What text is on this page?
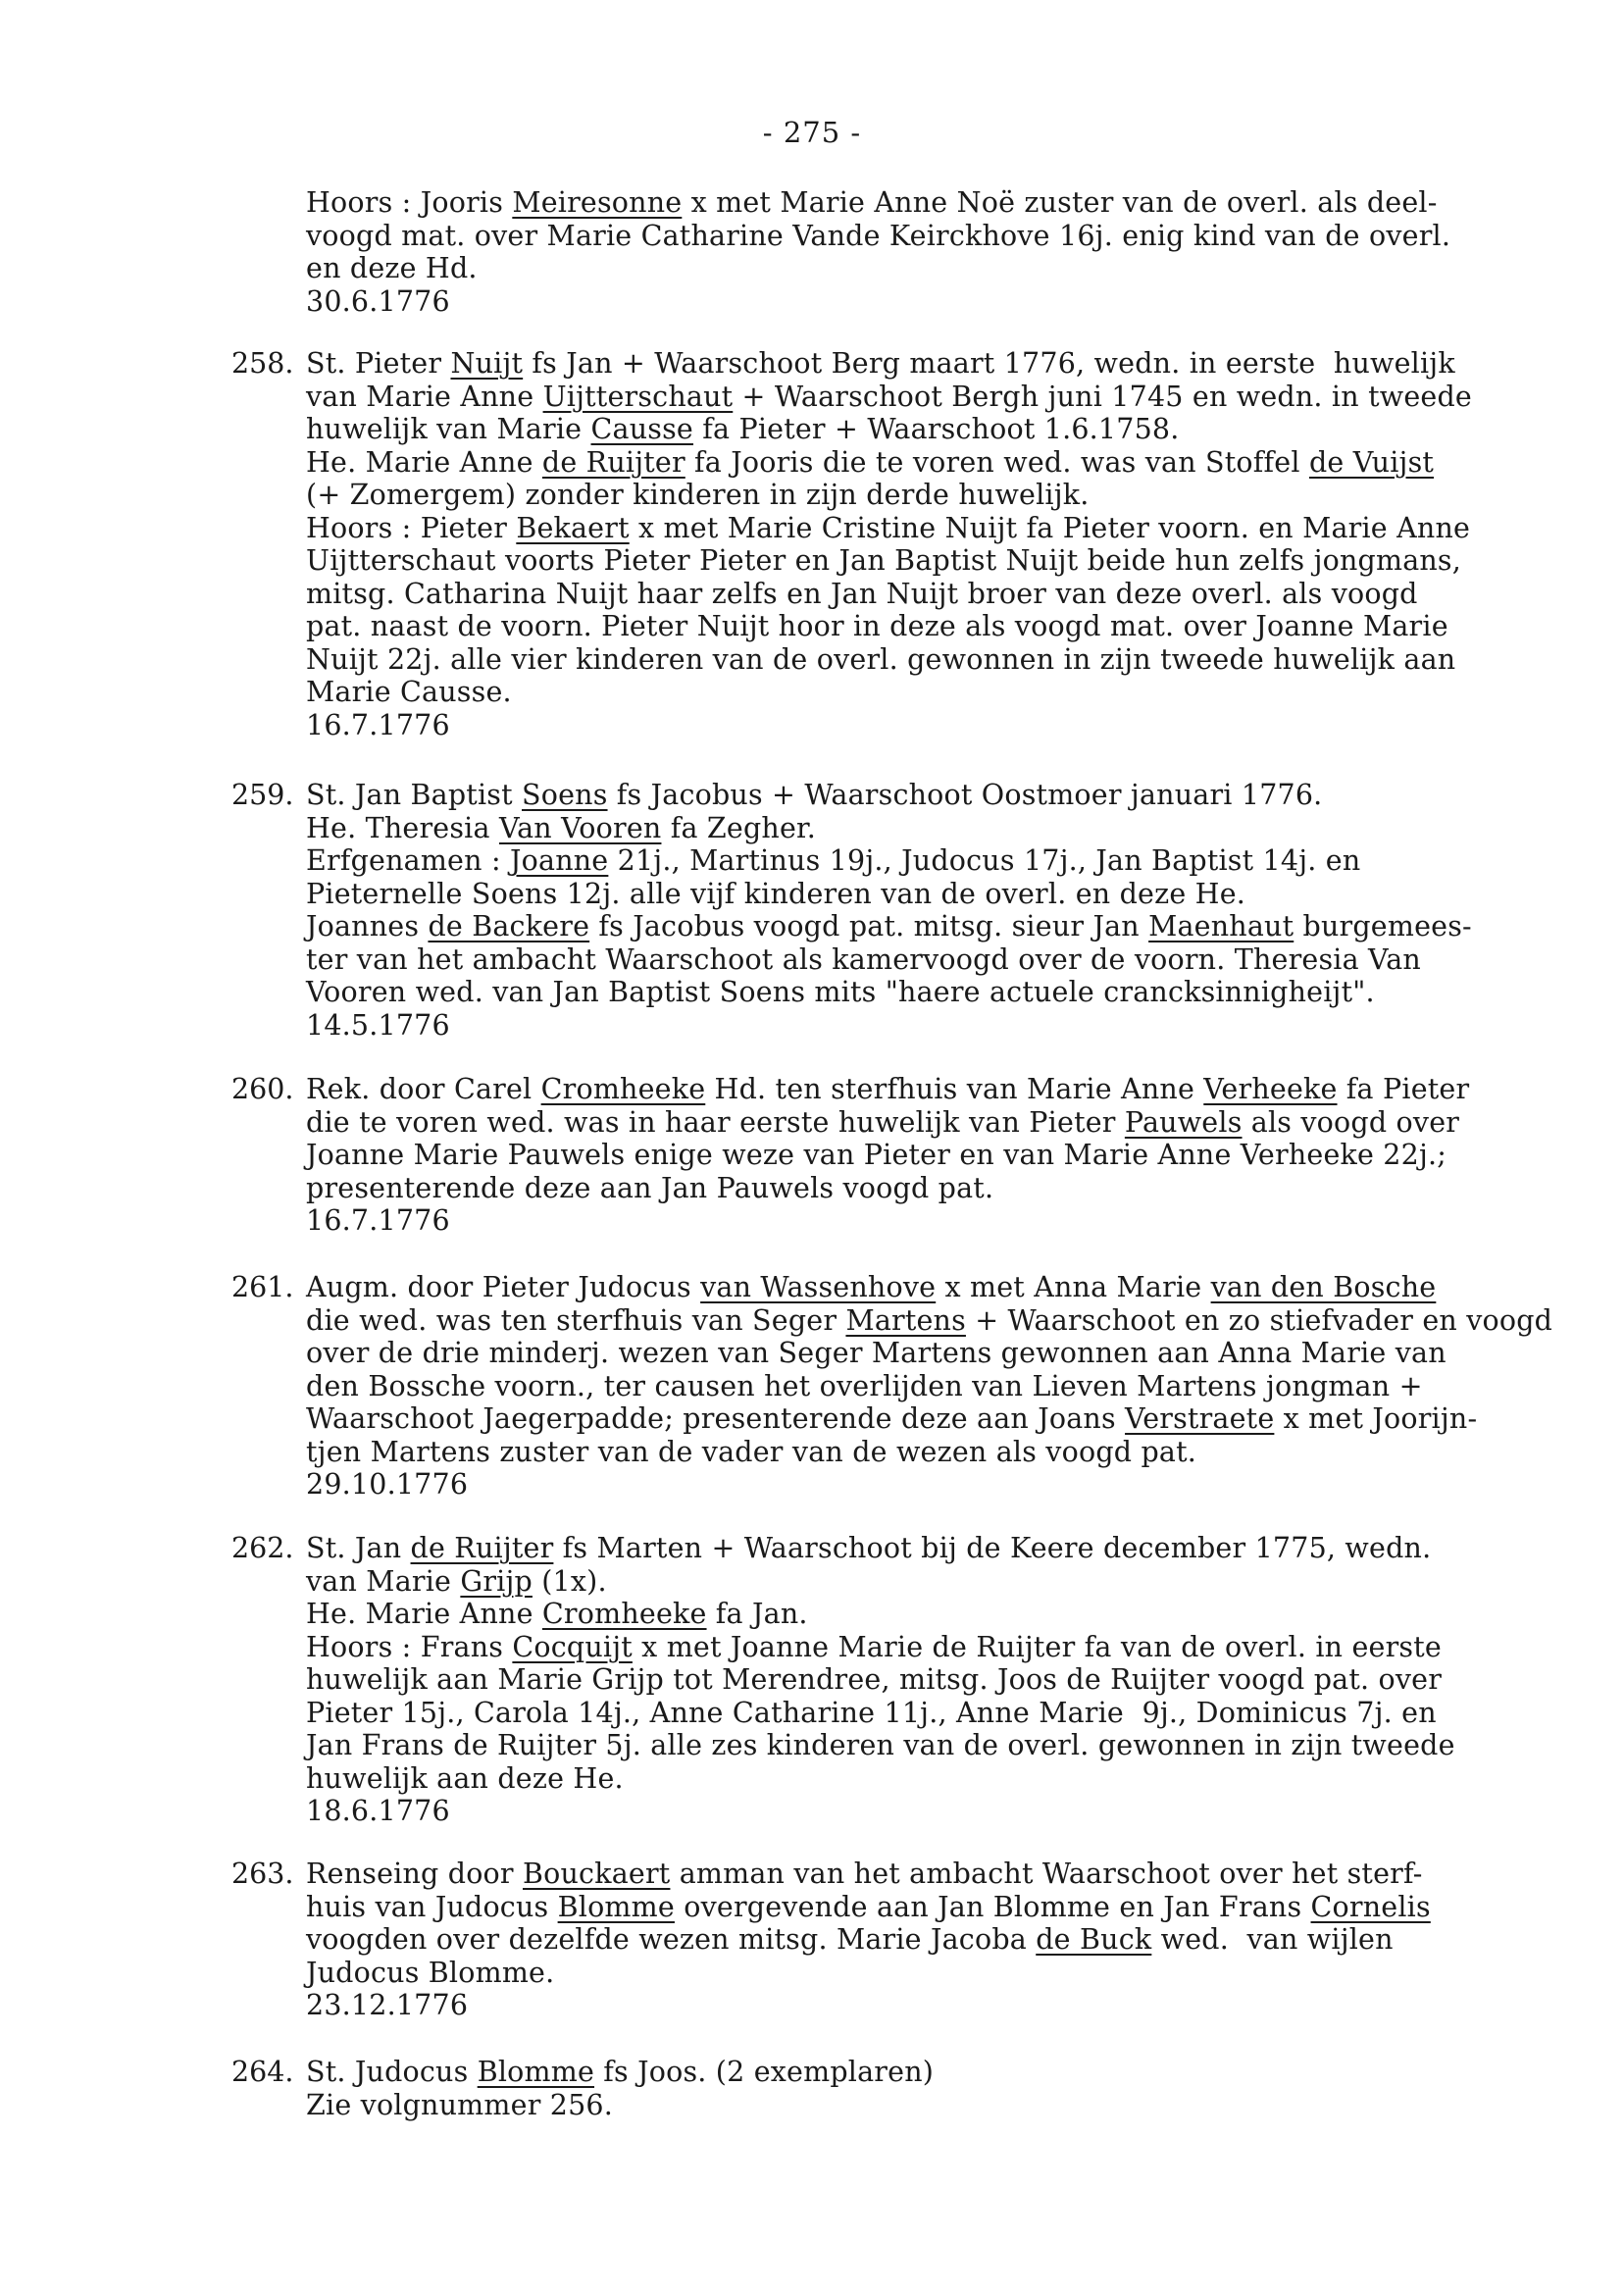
- 275 -
Hoors : Jooris Meiresonne x met Marie Anne Noë zuster van de overl. als deel-
voogd mat. over Marie Catharine Vande Keirckhove 16j. enig kind van de overl.
en deze Hd.
30.6.1776
258. St. Pieter Nuijt fs Jan + Waarschoot Berg maart 1776, wedn. in eerste  huwelijk
van Marie Anne Uijtterschaut + Waarschoot Bergh juni 1745 en wedn. in tweede
huwelijk van Marie Causse fa Pieter + Waarschoot 1.6.1758.
He. Marie Anne de Ruijter fa Jooris die te voren wed. was van Stoffel de Vuijst
(+ Zomergem) zonder kinderen in zijn derde huwelijk.
Hoors : Pieter Bekaert x met Marie Cristine Nuijt fa Pieter voorn. en Marie Anne
Uijtterschaut voorts Pieter Pieter en Jan Baptist Nuijt beide hun zelfs jongmans,
mitsg. Catharina Nuijt haar zelfs en Jan Nuijt broer van deze overl. als voogd
pat. naast de voorn. Pieter Nuijt hoor in deze als voogd mat. over Joanne Marie
Nuijt 22j. alle vier kinderen van de overl. gewonnen in zijn tweede huwelijk aan
Marie Causse.
16.7.1776
259. St. Jan Baptist Soens fs Jacobus + Waarschoot Oostmoer januari 1776.
He. Theresia Van Vooren fa Zegher.
Erfgenamen : Joanne 21j., Martinus 19j., Judocus 17j., Jan Baptist 14j. en
Pieternelle Soens 12j. alle vijf kinderen van de overl. en deze He.
Joannes de Backere fs Jacobus voogd pat. mitsg. sieur Jan Maenhaut burgemees-
ter van het ambacht Waarschoot als kamervoogd over de voorn. Theresia Van
Vooren wed. van Jan Baptist Soens mits "haere actuele crancksinnigheijt".
14.5.1776
260. Rek. door Carel Cromheeke Hd. ten sterfhuis van Marie Anne Verheeke fa Pieter
die te voren wed. was in haar eerste huwelijk van Pieter Pauwels als voogd over
Joanne Marie Pauwels enige weze van Pieter en van Marie Anne Verheeke 22j.;
presenterende deze aan Jan Pauwels voogd pat.
16.7.1776
261. Augm. door Pieter Judocus van Wassenhove x met Anna Marie van den Bosche
die wed. was ten sterfhuis van Seger Martens + Waarschoot en zo stiefvader en voogd
over de drie minderj. wezen van Seger Martens gewonnen aan Anna Marie van
den Bossche voorn., ter causen het overlijden van Lieven Martens jongman +
Waarschoot Jaegerpadde; presenterende deze aan Joans Verstraete x met Joorijn-
tjen Martens zuster van de vader van de wezen als voogd pat.
29.10.1776
262. St. Jan de Ruijter fs Marten + Waarschoot bij de Keere december 1775, wedn.
van Marie Grijp (1x).
He. Marie Anne Cromheeke fa Jan.
Hoors : Frans Cocquijt x met Joanne Marie de Ruijter fa van de overl. in eerste
huwelijk aan Marie Grijp tot Merendree, mitsg. Joos de Ruijter voogd pat. over
Pieter 15j., Carola 14j., Anne Catharine 11j., Anne Marie  9j., Dominicus 7j. en
Jan Frans de Ruijter 5j. alle zes kinderen van de overl. gewonnen in zijn tweede
huwelijk aan deze He.
18.6.1776
263. Renseing door Bouckaert amman van het ambacht Waarschoot over het sterf-
huis van Judocus Blomme overgevende aan Jan Blomme en Jan Frans Cornelis
voogden over dezelfde wezen mitsg. Marie Jacoba de Buck wed.  van wijlen
Judocus Blomme.
23.12.1776
264. St. Judocus Blomme fs Joos. (2 exemplaren)
Zie volgnummer 256.
